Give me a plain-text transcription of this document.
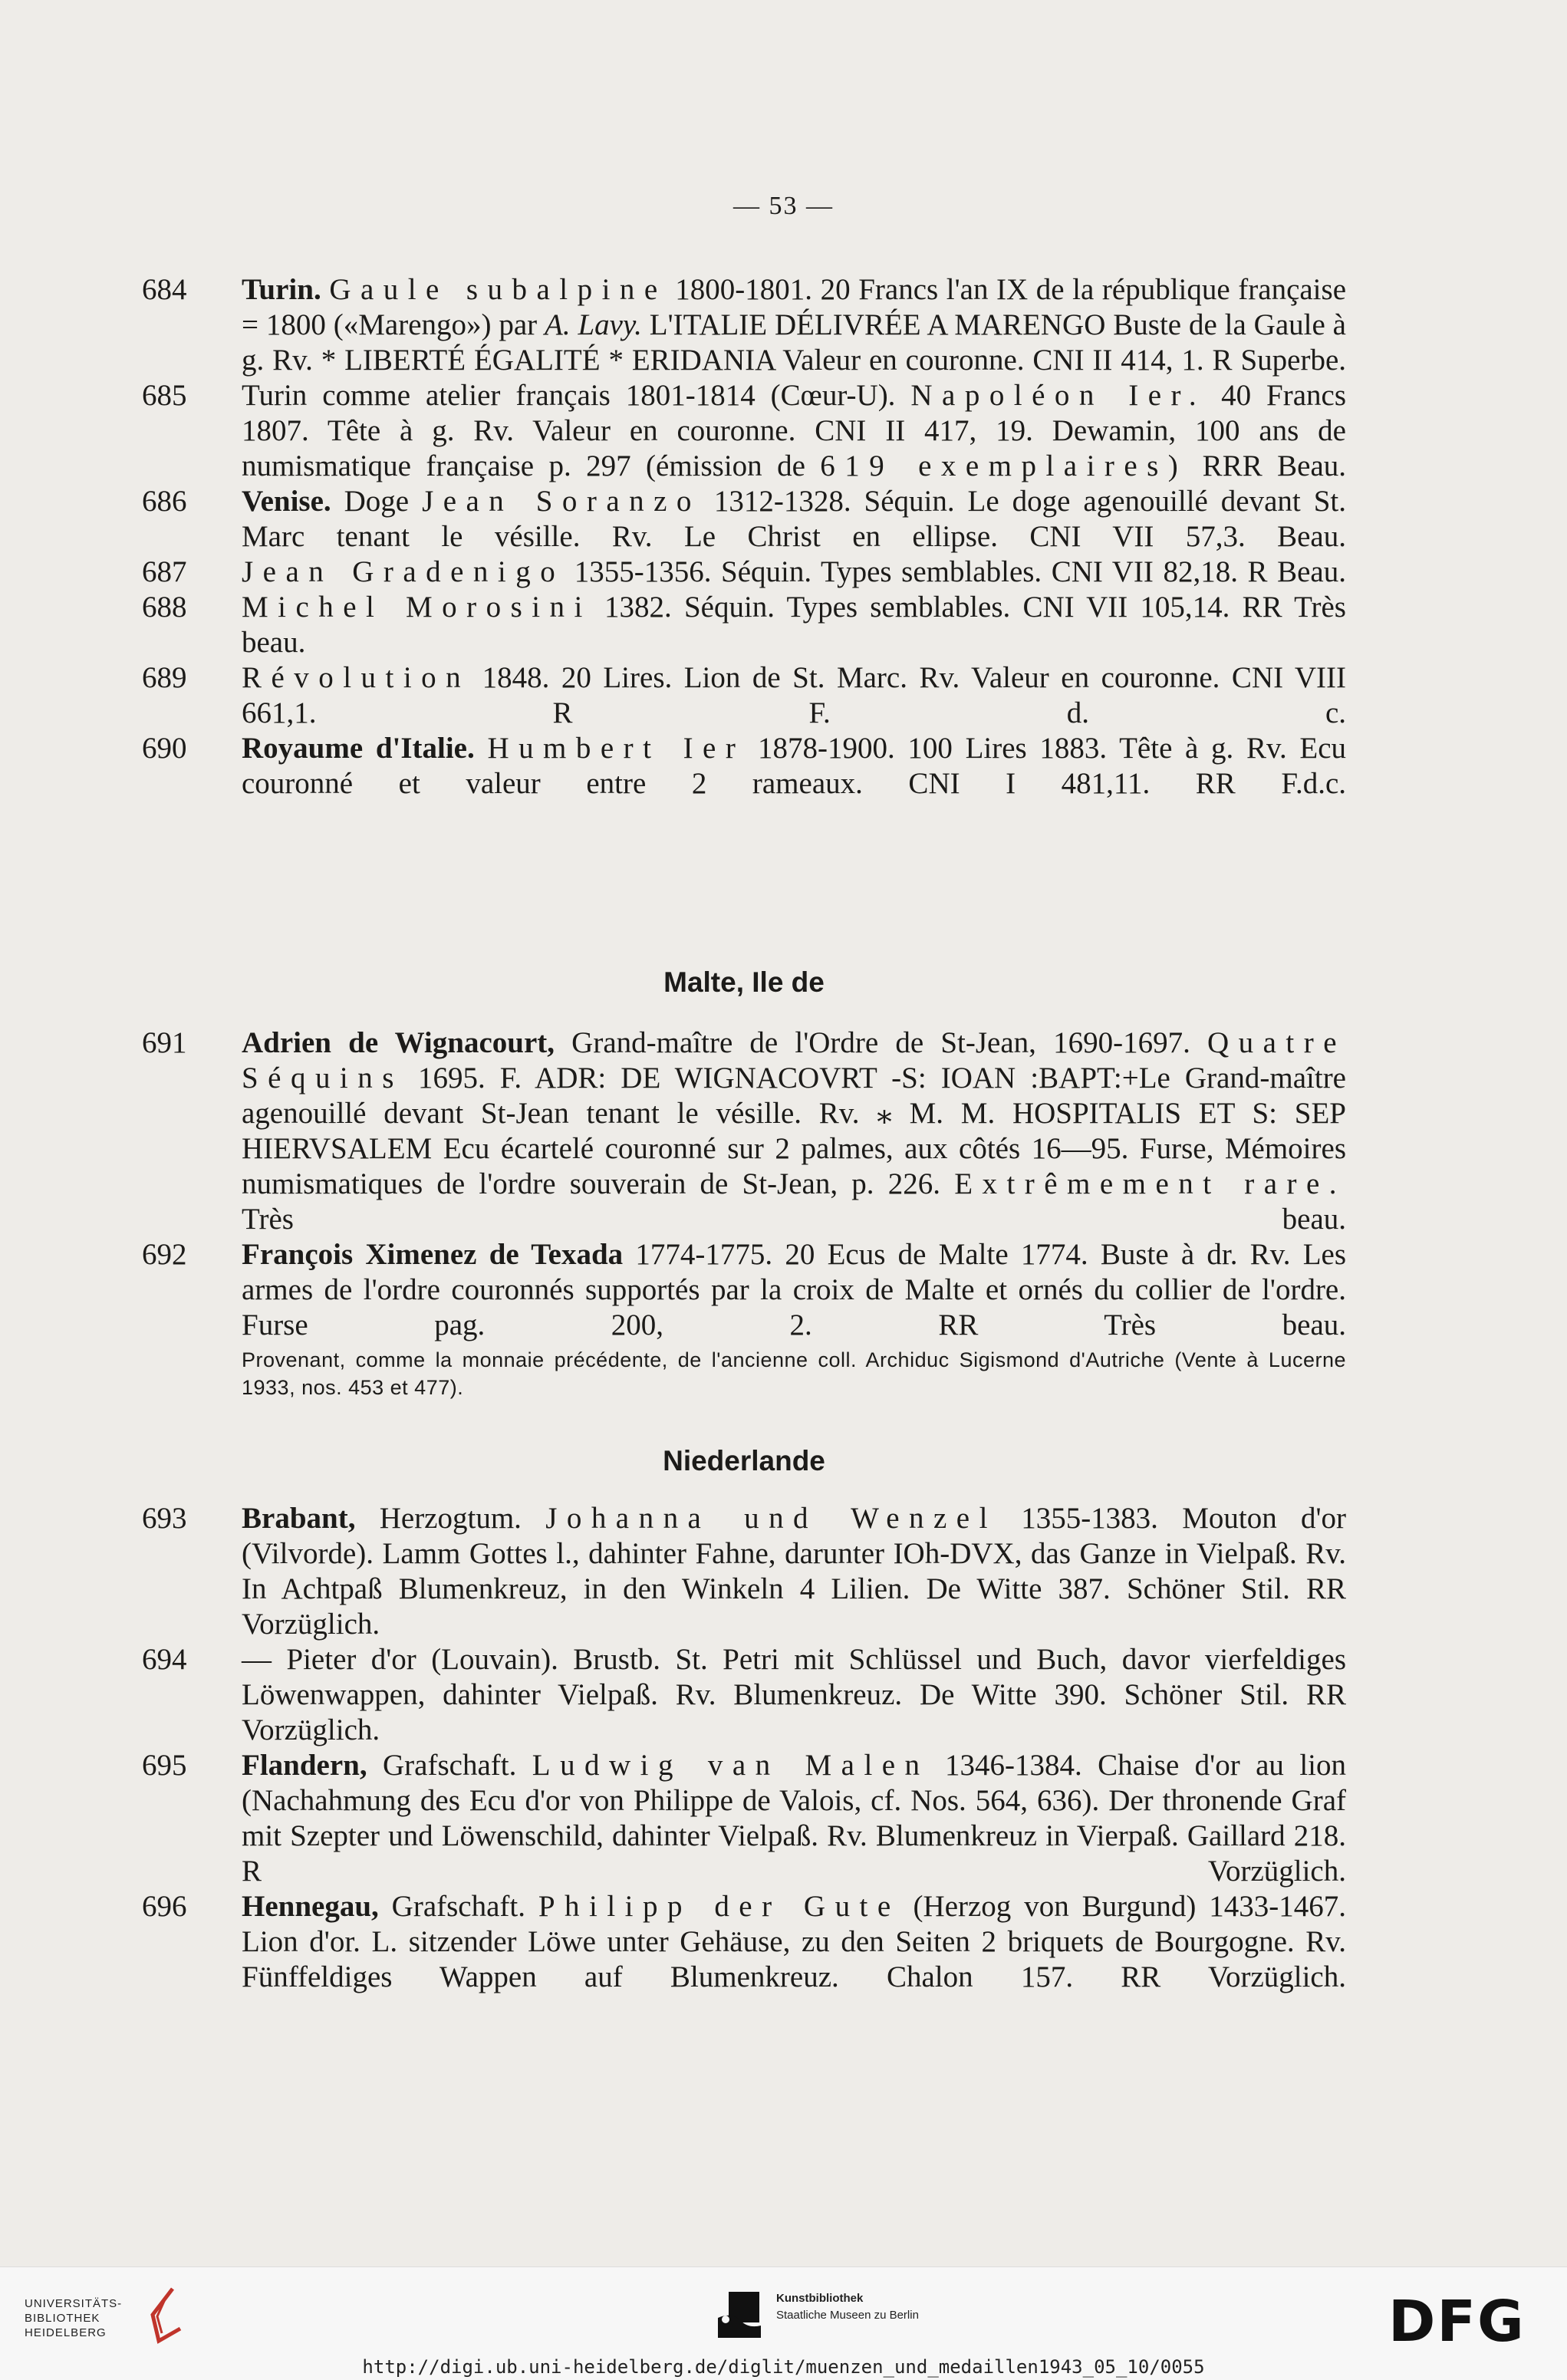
— 53 —
684	Turin. Gaule subalpine 1800-1801. 20 Francs l'an IX de la république française = 1800 («Marengo») par A. Lavy. L'ITALIE DÉLIVRÉE A MARENGO Buste de la Gaule à g. Rv. * LIBERTÉ ÉGALITÉ * ERIDANIA Valeur en couronne. CNI II 414, 1. R Superbe.

685	Turin comme atelier français 1801-1814 (Cœur-U). Napoléon Ier. 40 Francs 1807. Tête à g. Rv. Valeur en couronne. CNI II 417, 19. Dewamin, 100 ans de numismatique française p. 297 (émission de 619 exemplaires) RRR Beau.

686	Venise. Doge Jean Soranzo 1312-1328. Séquin. Le doge agenouillé devant St. Marc tenant le vésille. Rv. Le Christ en ellipse. CNI VII 57,3. Beau.

687	Jean Gradenigo 1355-1356. Séquin. Types semblables. CNI VII 82,18. R Beau.

688	Michel Morosini 1382. Séquin. Types semblables. CNI VII 105,14. RR Très beau.

689	Révolution 1848. 20 Lires. Lion de St. Marc. Rv. Valeur en couronne. CNI VIII 661,1. R	F. d. c.

690	Royaume d'Italie. Humbert Ier 1878-1900. 100 Lires 1883. Tête à g. Rv. Ecu couronné et valeur entre 2 rameaux. CNI I 481,11. RR F.d.c.

Malte, Ile de
691	Adrien de Wignacourt, Grand-maître de l'Ordre de St-Jean, 1690-1697. Quatre Séquins 1695. F. ADR: DE WIGNACOVRT -S: IOAN :BAPT:+Le Grand-maître agenouillé devant St-Jean tenant le vésille. Rv. ⁎ M. M. HOSPITALIS ET S: SEP HIERVSALEM Ecu écartelé couronné sur 2 palmes, aux côtés 16—95. Furse, Mémoires numismatiques de l'ordre souverain de St-Jean, p. 226. Extrêmement rare. Très beau.

692	François Ximenez de Texada 1774-1775. 20 Ecus de Malte 1774. Buste à dr. Rv. Les armes de l'ordre couronnés supportés par la croix de Malte et ornés du collier de l'ordre. Furse pag. 200, 2. RR	Très beau.

Provenant, comme la monnaie précédente, de l'ancienne coll. Archiduc Sigismond d'Autriche (Vente à Lucerne 1933, nos. 453 et 477).
Niederlande
693	Brabant, Herzogtum. Johanna und Wenzel 1355-1383. Mouton d'or (Vilvorde). Lamm Gottes l., dahinter Fahne, darunter IOh-DVX, das Ganze in Vielpaß. Rv. In Achtpaß Blumenkreuz, in den Winkeln 4 Lilien. De Witte 387. Schöner Stil. RR Vorzüglich.

694	— Pieter d'or (Louvain). Brustb. St. Petri mit Schlüssel und Buch, davor vierfeldiges Löwenwappen, dahinter Vielpaß. Rv. Blumenkreuz. De Witte 390. Schöner Stil. RR Vorzüglich.

695	Flandern, Grafschaft. Ludwig van Malen 1346-1384. Chaise d'or au lion (Nachahmung des Ecu d'or von Philippe de Valois, cf. Nos. 564, 636). Der thronende Graf mit Szepter und Löwenschild, dahinter Vielpaß. Rv. Blumenkreuz in Vierpaß. Gaillard 218. R	Vorzüglich.

696	Hennegau, Grafschaft. Philipp der Gute (Herzog von Burgund) 1433-1467. Lion d'or. L. sitzender Löwe unter Gehäuse, zu den Seiten 2 briquets de Bourgogne. Rv. Fünffeldiges Wappen auf Blumenkreuz. Chalon 157. RR Vorzüglich.

UNIVERSITÄTS-
BIBLIOTHEK
HEIDELBERG
Kunstbibliothek
Staatliche Museen zu Berlin	DFG
http://digi.ub.uni-heidelberg.de/diglit/muenzen_und_medaillen1943_05_10/0055
